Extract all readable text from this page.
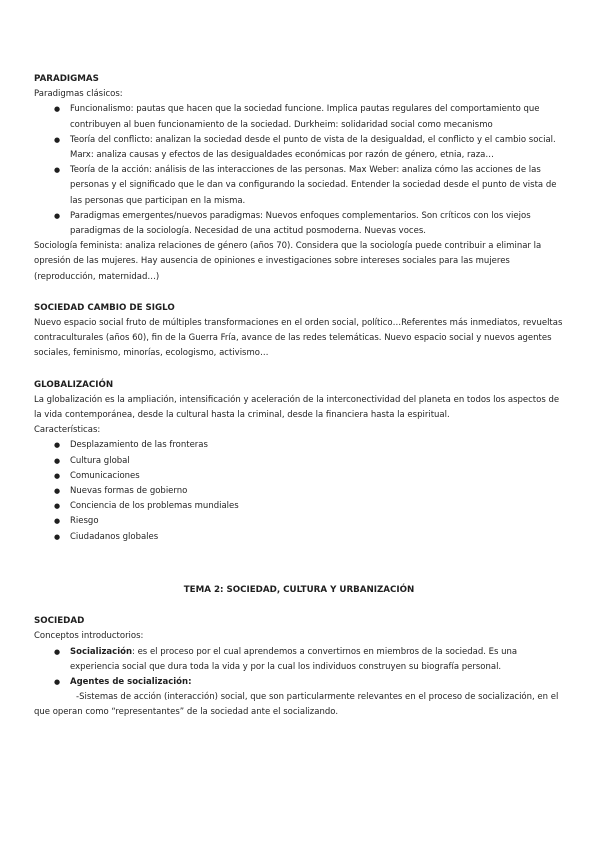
PARADIGMAS

Paradigmas clásicos:

● Funcionalismo: pautas que hacen que la sociedad funcione. Implica pautas regulares del comportamiento que contribuyen al buen funcionamiento de la sociedad. Durkheim: solidaridad social como mecanismo
● Teoría del conflicto: analizan la sociedad desde el punto de vista de la desigualdad, el conflicto y el cambio social. Marx: analiza causas y efectos de las desigualdades económicas por razón de género, etnia, raza…
● Teoría de la acción: análisis de las interacciones de las personas. Max Weber: analiza cómo las acciones de las personas y el significado que le dan va configurando la sociedad. Entender la sociedad desde el punto de vista de las personas que participan en la misma.
● Paradigmas emergentes/nuevos paradigmas: Nuevos enfoques complementarios. Son críticos con los viejos paradigmas de la sociología. Necesidad de una actitud posmoderna. Nuevas voces.

Sociología feminista: analiza relaciones de género (años 70). Considera que la sociología puede contribuir a eliminar la opresión de las mujeres. Hay ausencia de opiniones e investigaciones sobre intereses sociales para las mujeres (reproducción, maternidad…)

SOCIEDAD CAMBIO DE SIGLO

Nuevo espacio social fruto de múltiples transformaciones en el orden social, político…Referentes más inmediatos, revueltas contraculturales (años 60), fin de la Guerra Fría, avance de las redes telemáticas. Nuevo espacio social y nuevos agentes sociales, feminismo, minorías, ecologismo, activismo…

GLOBALIZACIÓN

La globalización es la ampliación, intensificación y aceleración de la interconectividad del planeta en todos los aspectos de la vida contemporánea, desde la cultural hasta la criminal, desde la financiera hasta la espiritual.

Características:

● Desplazamiento de las fronteras
● Cultura global
● Comunicaciones
● Nuevas formas de gobierno
● Conciencia de los problemas mundiales
● Riesgo
● Ciudadanos globales

TEMA 2: SOCIEDAD, CULTURA Y URBANIZACIÓN

SOCIEDAD

Conceptos introductorios:

● Socialización: es el proceso por el cual aprendemos a convertirnos en miembros de la sociedad. Es una experiencia social que dura toda la vida y por la cual los individuos construyen su biografía personal.
● Agentes de socialización:

-Sistemas de acción (interacción) social, que son particularmente relevantes en el proceso de socialización, en el que operan como “representantes” de la sociedad ante el socializando.
